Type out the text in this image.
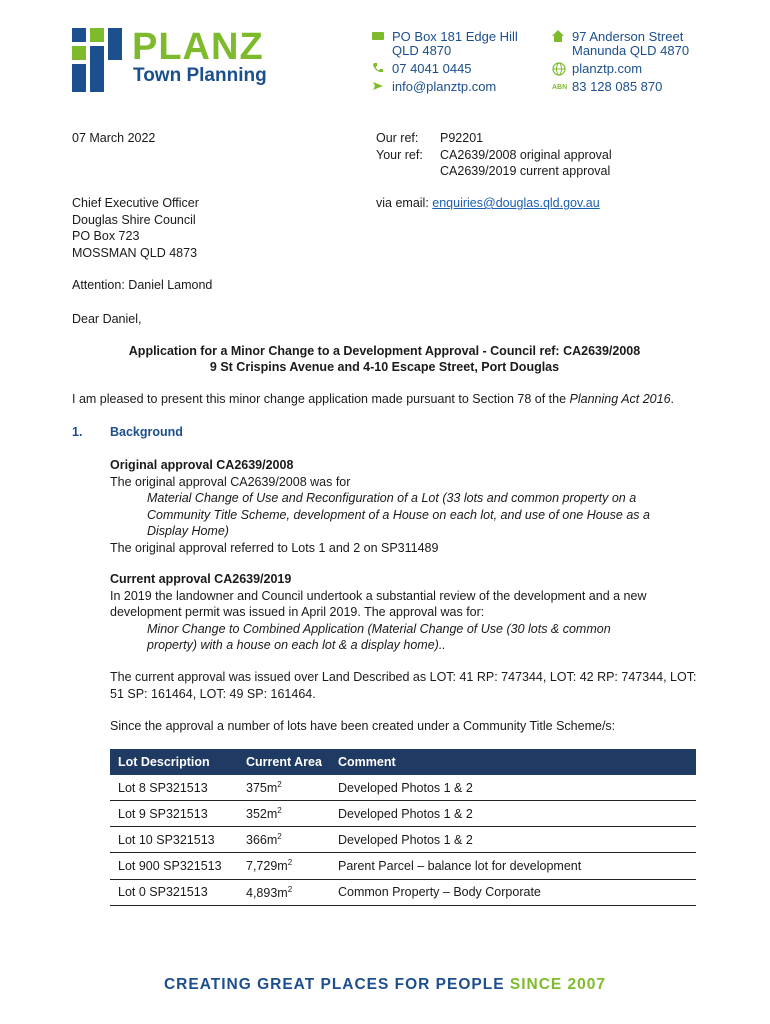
PLANZ
Town Planning
PO Box 181 Edge Hill
QLD 4870
07 4041 0445
info@planztp.com
97 Anderson Street
Manunda QLD 4870
planztp.com
ABN 83 128 085 870
07 March 2022	Our ref: P92201
Your ref: CA2639/2008 original approval
CA2639/2019 current approval
Chief Executive Officer
Douglas Shire Council
PO Box 723
MOSSMAN QLD 4873
via email: enquiries@douglas.qld.gov.au
Attention: Daniel Lamond
Dear Daniel,
Application for a Minor Change to a Development Approval - Council ref: CA2639/2008
9 St Crispins Avenue and 4-10 Escape Street, Port Douglas
I am pleased to present this minor change application made pursuant to Section 78 of the Planning Act 2016.
1. Background
Original approval CA2639/2008
The original approval CA2639/2008 was for
Material Change of Use and Reconfiguration of a Lot (33 lots and common property on a
Community Title Scheme, development of a House on each lot, and use of one House as a
Display Home)
The original approval referred to Lots 1 and 2 on SP311489
Current approval CA2639/2019
In 2019 the landowner and Council undertook a substantial review of the development and a new
development permit was issued in April 2019. The approval was for:
Minor Change to Combined Application (Material Change of Use (30 lots & common
property) with a house on each lot & a display home)..
The current approval was issued over Land Described as LOT: 41 RP: 747344, LOT: 42 RP: 747344, LOT:
51 SP: 161464, LOT: 49 SP: 161464.
Since the approval a number of lots have been created under a Community Title Scheme/s:
Lot Description	Current Area	Comment
Lot 8 SP321513	$375m^2$	Developed Photos 1 & 2
Lot 9 SP321513	$352m^2$	Developed Photos 1 & 2
Lot 10 SP321513	$366m^2$	Developed Photos 1 & 2
Lot 900 SP321513	$7,729m^2$	Parent Parcel – balance lot for development
Lot 0 SP321513	$4,893m^2$	Common Property – Body Corporate
CREATING GREAT PLACES FOR PEOPLE SINCE 2007
